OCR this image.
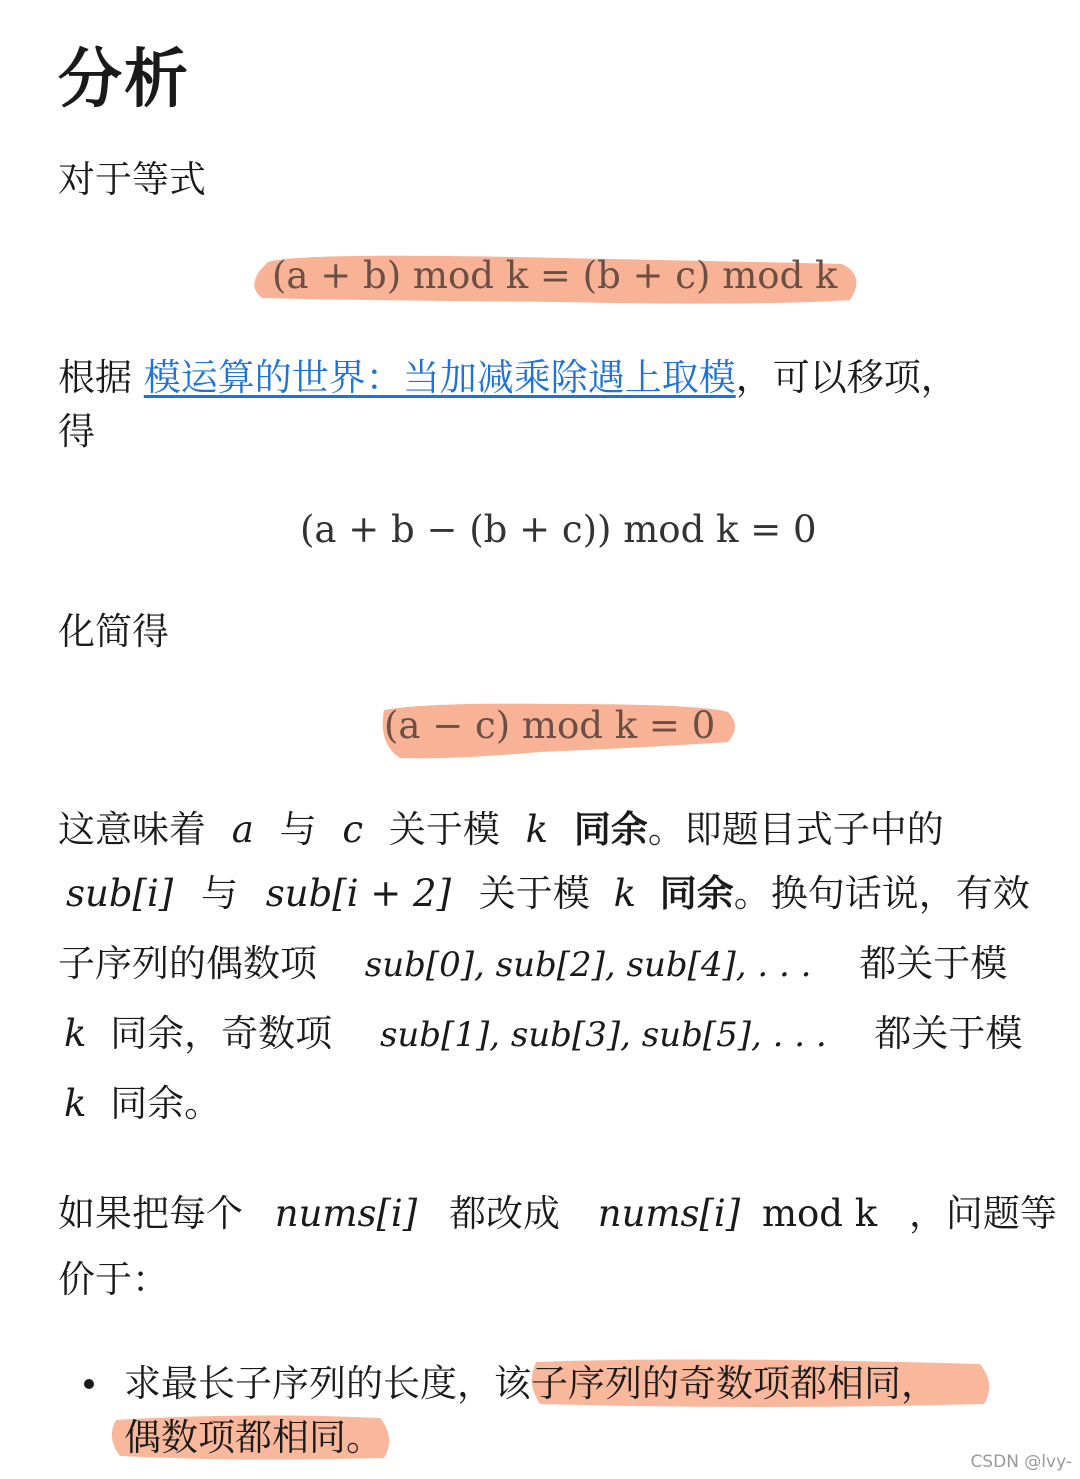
分析
对于等式
(a + b) mod k = (b + c) mod k
根据 模运算的世界：当加减乘除遇上取模，可以移项，
得
(a + b − (b + c)) mod k = 0
化简得
(a − c) mod k = 0
这意味着 a 与 c 关于模 k 同余。即题目式子中的
sub[i] 与 sub[i + 2] 关于模 k 同余。换句话说，有效
子序列的偶数项 sub[0], sub[2], sub[4], . . . 都关于模
k 同余，奇数项 sub[1], sub[3], sub[5], . . . 都关于模
k 同余。
如果把每个 nums[i] 都改成 nums[i] mod k ，问题等
价于：
求最长子序列的长度，该子序列的奇数项都相同，
偶数项都相同。
CSDN @lvy-
